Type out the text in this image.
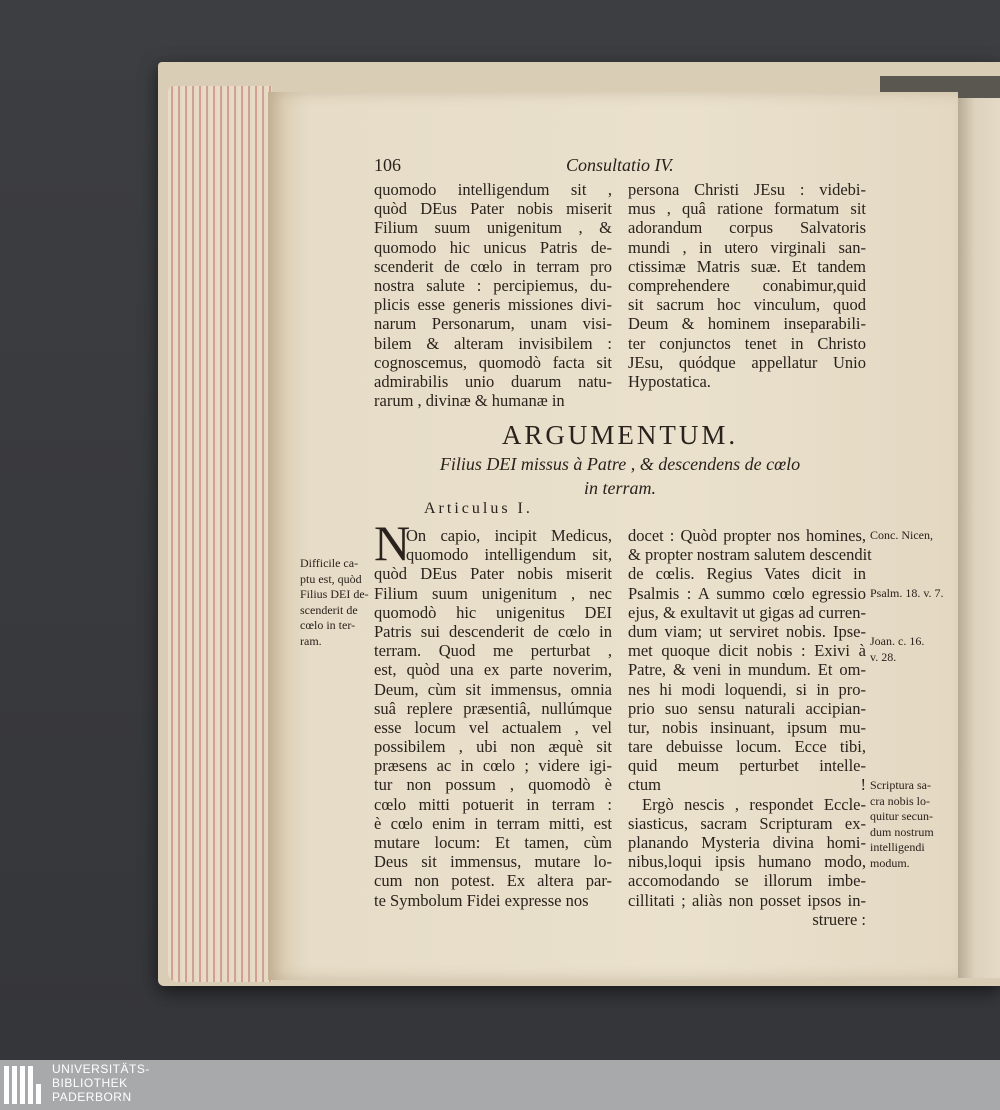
106	Consultatio IV.
quomodo intelligendum sit ,
quòd DEus Pater nobis miserit
Filium suum unigenitum , &
quomodo hic unicus Patris de-
scenderit de cœlo in terram pro
nostra salute : percipiemus, du-
plicis esse generis missiones divi-
narum Personarum, unam visi-
bilem & alteram invisibilem :
cognoscemus, quomodò facta sit
admirabilis unio duarum natu-
rarum , divinæ & humanæ in
persona Christi JEsu : videbi-
mus , quâ ratione formatum sit
adorandum corpus Salvatoris
mundi , in utero virginali san-
ctissimæ Matris suæ. Et tandem
comprehendere conabimur,quid
sit sacrum hoc vinculum, quod
Deum & hominem inseparabili-
ter conjunctos tenet in Christo
JEsu, quódque appellatur Unio
Hypostatica.
ARGUMENTUM.
Filius DEI missus à Patre , & descendens de cœlo
in terram.
Articulus I.
N
On capio, incipit Medicus,
quomodo intelligendum sit,
quòd DEus Pater nobis miserit
Filium suum unigenitum , nec
quomodò hic unigenitus DEI
Patris sui descenderit de cœlo in
terram. Quod me perturbat ,
est, quòd una ex parte noverim,
Deum, cùm sit immensus, omnia
suâ replere præsentiâ, nullúmque
esse locum vel actualem , vel
possibilem , ubi non æquè sit
præsens ac in cœlo ; videre igi-
tur non possum , quomodò è
cœlo mitti potuerit in terram :
è cœlo enim in terram mitti, est
mutare locum: Et tamen, cùm
Deus sit immensus, mutare lo-
cum non potest. Ex altera par-
te Symbolum Fidei expresse nos
docet : Quòd propter nos homines,
& propter nostram salutem descendit
de cœlis. Regius Vates dicit in
Psalmis : A summo cœlo egressio
ejus, & exultavit ut gigas ad curren-
dum viam; ut serviret nobis. Ipse-
met quoque dicit nobis : Exivi à
Patre, & veni in mundum. Et om-
nes hi modi loquendi, si in pro-
prio suo sensu naturali accipian-
tur, nobis insinuant, ipsum mu-
tare debuisse locum. Ecce tibi,
quid meum perturbet intelle-
ctum !
Ergò nescis , respondet Eccle-
siasticus, sacram Scripturam ex-
planando Mysteria divina homi-
nibus,loqui ipsis humano modo,
accomodando se illorum imbe-
cillitati ; aliàs non posset ipsos in-
struere :
Difficile ca-
ptu est, quòd
Filius DEI de-
scenderit de
cœlo in ter-
ram.
Conc. Nicen,
Psalm. 18. v. 7.
Joan. c. 16.
v. 28.
Scriptura sa-
cra nobis lo-
quitur secun-
dum nostrum
intelligendi
modum.
UNIVERSITÄTS-
BIBLIOTHEK
PADERBORN
